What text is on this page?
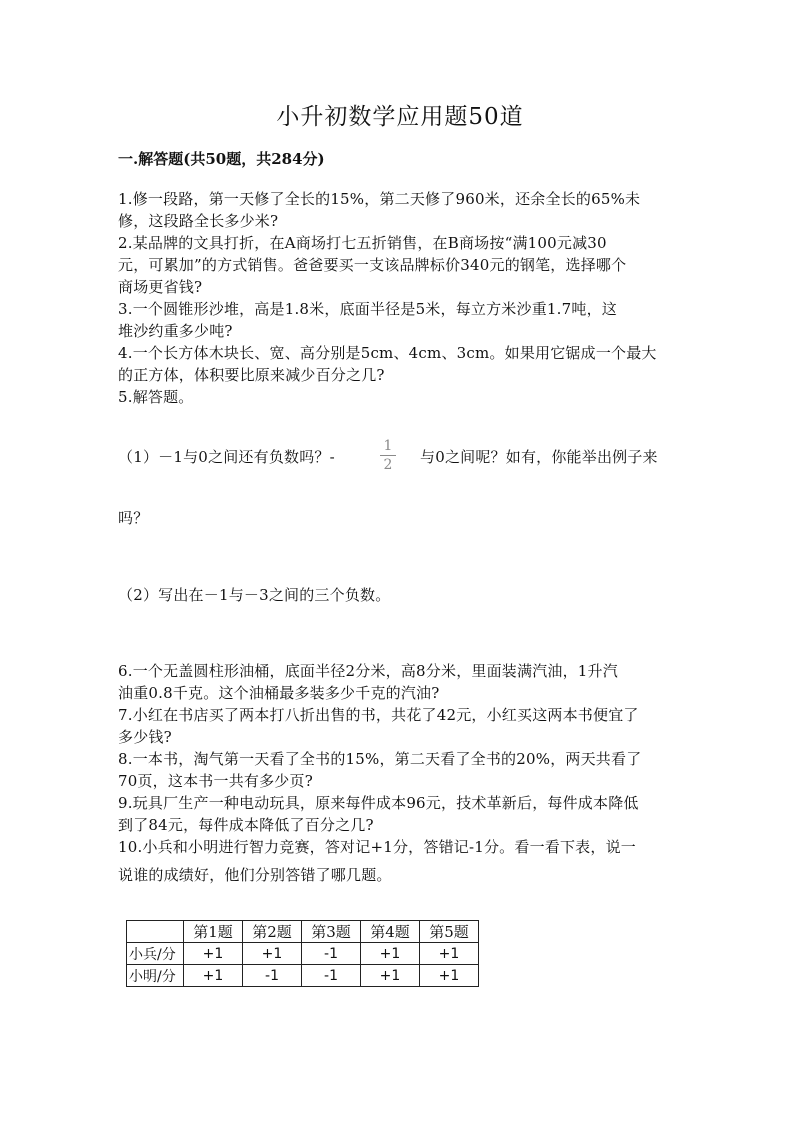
小升初数学应用题50道
一.解答题(共50题，共284分)
1.修一段路，第一天修了全长的15%，第二天修了960米，还余全长的65%未
修，这段路全长多少米?
2.某品牌的文具打折，在A商场打七五折销售，在B商场按“满100元减30
元，可累加”的方式销售。爸爸要买一支该品牌标价340元的钢笔，选择哪个
商场更省钱?
3.一个圆锥形沙堆，高是1.8米，底面半径是5米，每立方米沙重1.7吨，这
堆沙约重多少吨?
4.一个长方体木块长、宽、高分别是5cm、4cm、3cm。如果用它锯成一个最大
的正方体，体积要比原来减少百分之几?
5.解答题。
（1）－1与0之间还有负数吗？-
1
2 与0之间呢？如有，你能举出例子来
吗？
（2）写出在－1与－3之间的三个负数。
6.一个无盖圆柱形油桶，底面半径2分米，高8分米，里面装满汽油，1升汽
油重0.8千克。这个油桶最多装多少千克的汽油?
7.小红在书店买了两本打八折出售的书，共花了42元，小红买这两本书便宜了
多少钱?
8.一本书，淘气第一天看了全书的15%，第二天看了全书的20%，两天共看了
70页，这本书一共有多少页?
9.玩具厂生产一种电动玩具，原来每件成本96元，技术革新后，每件成本降低
到了84元，每件成本降低了百分之几?
10.小兵和小明进行智力竞赛，答对记+1分，答错记-1分。看一看下表，说一
说谁的成绩好，他们分别答错了哪几题。
	第1题	第2题	第3题	第4题	第5题
小兵/分	+1	+1	-1	+1	+1
小明/分	+1	-1	-1	+1	+1
